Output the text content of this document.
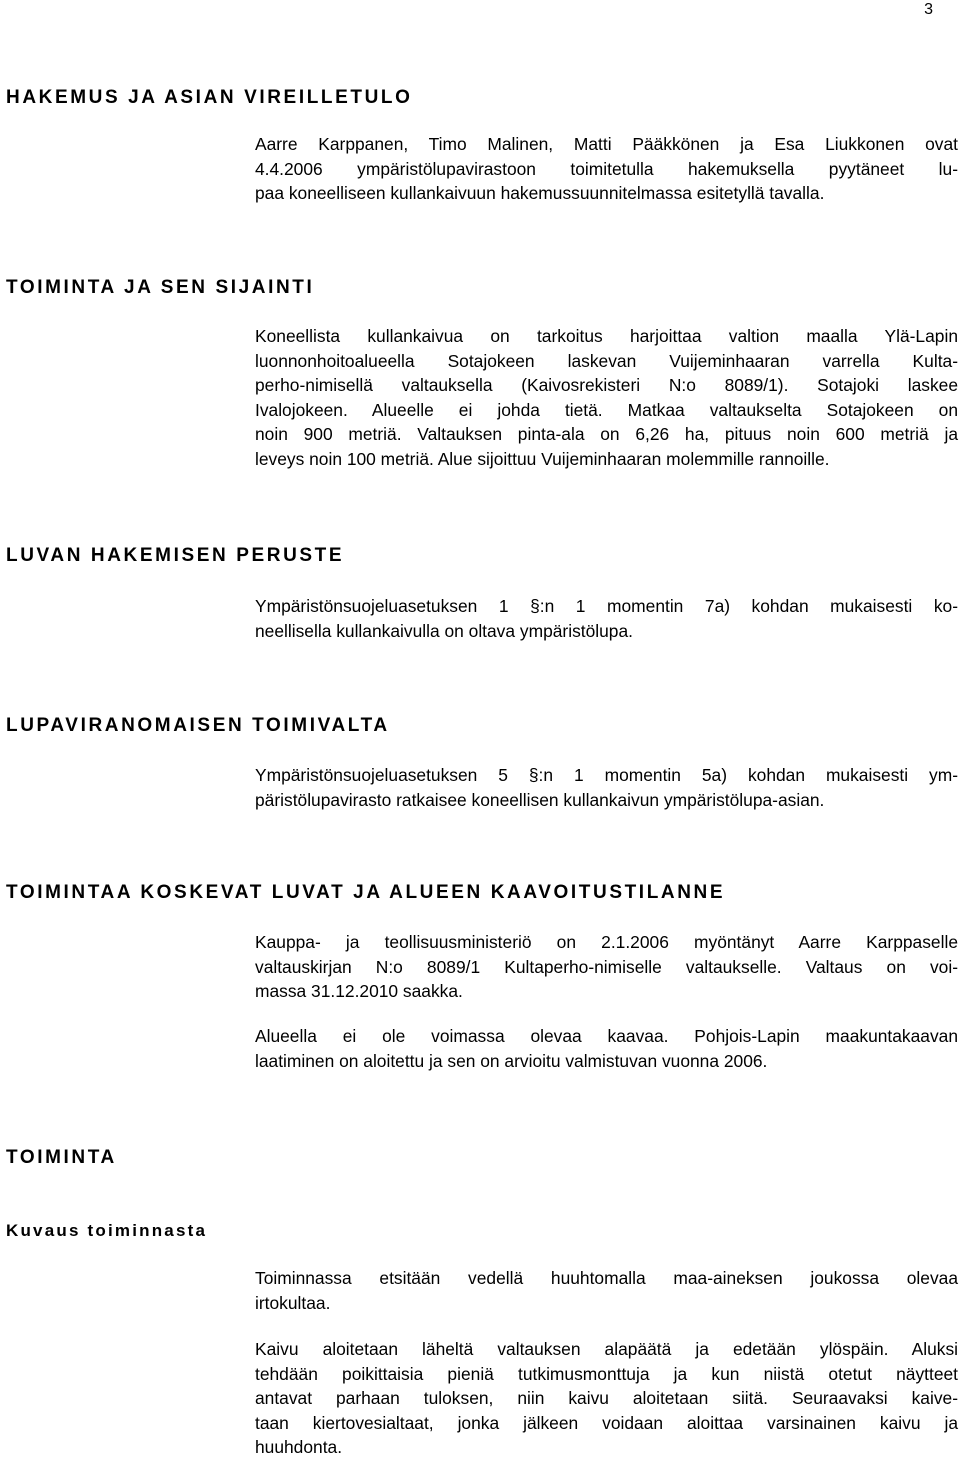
3
HAKEMUS JA ASIAN VIREILLETULO
Aarre Karppanen, Timo Malinen, Matti Pääkkönen ja Esa Liukkonen ovat
4.4.2006 ympäristölupavirastoon toimitetulla hakemuksella pyytäneet lu-
paa koneelliseen kullankaivuun hakemussuunnitelmassa esitetyllä tavalla.
TOIMINTA JA SEN SIJAINTI
Koneellista kullankaivua on tarkoitus harjoittaa valtion maalla Ylä-Lapin
luonnonhoitoalueella Sotajokeen laskevan Vuijeminhaaran varrella Kulta-
perho-nimisellä valtauksella (Kaivosrekisteri N:o 8089/1). Sotajoki laskee
Ivalojokeen. Alueelle ei johda tietä. Matkaa valtaukselta Sotajokeen on
noin 900 metriä. Valtauksen pinta-ala on 6,26 ha, pituus noin 600 metriä ja
leveys noin 100 metriä. Alue sijoittuu Vuijeminhaaran molemmille rannoille.
LUVAN HAKEMISEN PERUSTE
Ympäristönsuojeluasetuksen 1 §:n 1 momentin 7a) kohdan mukaisesti ko-
neellisella kullankaivulla on oltava ympäristölupa.
LUPAVIRANOMAISEN TOIMIVALTA
Ympäristönsuojeluasetuksen 5 §:n 1 momentin 5a) kohdan mukaisesti ym-
päristölupavirasto ratkaisee koneellisen kullankaivun ympäristölupa-asian.
TOIMINTAA KOSKEVAT LUVAT JA ALUEEN KAAVOITUSTILANNE
Kauppa- ja teollisuusministeriö on 2.1.2006 myöntänyt Aarre Karppaselle
valtauskirjan N:o 8089/1 Kultaperho-nimiselle valtaukselle. Valtaus on voi-
massa 31.12.2010 saakka.
Alueella ei ole voimassa olevaa kaavaa. Pohjois-Lapin maakuntakaavan
laatiminen on aloitettu ja sen on arvioitu valmistuvan vuonna 2006.
TOIMINTA
Kuvaus toiminnasta
Toiminnassa etsitään vedellä huuhtomalla maa-aineksen joukossa olevaa
irtokultaa.
Kaivu aloitetaan läheltä valtauksen alapäätä ja edetään ylöspäin. Aluksi
tehdään poikittaisia pieniä tutkimusmonttuja ja kun niistä otetut näytteet
antavat parhaan tuloksen, niin kaivu aloitetaan siitä. Seuraavaksi kaive-
taan kiertovesialtaat, jonka jälkeen voidaan aloittaa varsinainen kaivu ja
huuhdonta.
